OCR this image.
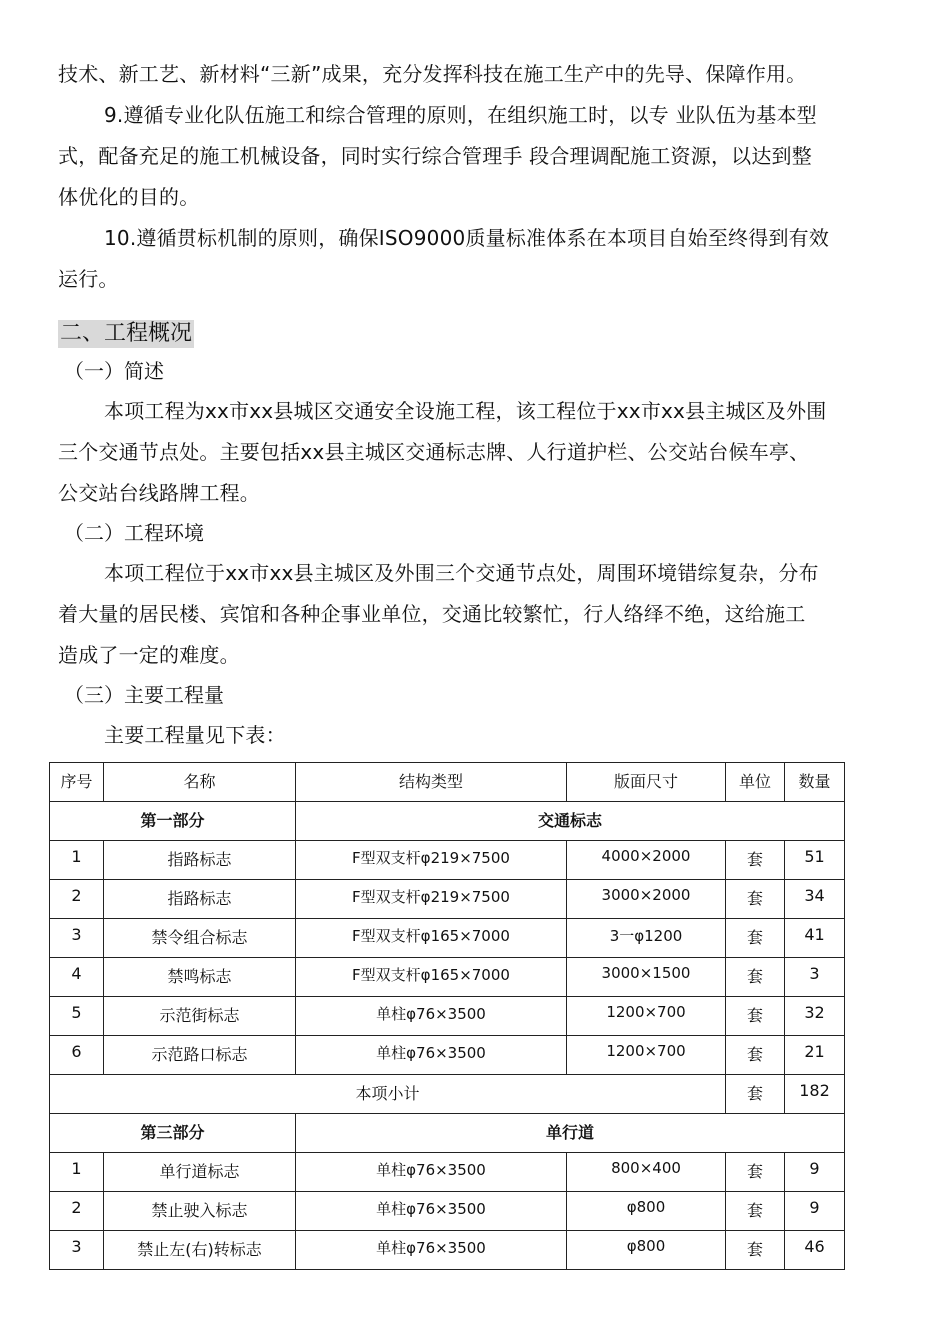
技术、新工艺、新材料“三新”成果，充分发挥科技在施工生产中的先导、保障作用。
9.遵循专业化队伍施工和综合管理的原则，在组织施工时，以专 业队伍为基本型
式，配备充足的施工机械设备，同时实行综合管理手 段合理调配施工资源，以达到整
体优化的目的。
10.遵循贯标机制的原则，确保ISO9000质量标准体系在本项目自始至终得到有效
运行。
二、工程概况
（一）简述
本项工程为xx市xx县城区交通安全设施工程，该工程位于xx市xx县主城区及外围
三个交通节点处。主要包括xx县主城区交通标志牌、人行道护栏、公交站台候车亭、
公交站台线路牌工程。
（二）工程环境
本项工程位于xx市xx县主城区及外围三个交通节点处，周围环境错综复杂，分布
着大量的居民楼、宾馆和各种企事业单位，交通比较繁忙，行人络绎不绝，这给施工
造成了一定的难度。
（三）主要工程量
主要工程量见下表：
序号	名称	结构类型	版面尺寸	单位	数量
第一部分		交通标志			
1	指路标志	F型双支杆φ219×7500	4000×2000	套	51
2	指路标志	F型双支杆φ219×7500	3000×2000	套	34
3	禁令组合标志	F型双支杆φ165×7000	3一φ1200	套	41
4	禁鸣标志	F型双支杆φ165×7000	3000×1500	套	3
5	示范街标志	单柱φ76×3500	1200×700	套	32
6	示范路口标志	单柱φ76×3500	1200×700	套	21
本项小计				套	182
第三部分		单行道			
1	单行道标志	单柱φ76×3500	800×400	套	9
2	禁止驶入标志	单柱φ76×3500	φ800	套	9
3	禁止左(右)转标志	单柱φ76×3500	φ800	套	46
